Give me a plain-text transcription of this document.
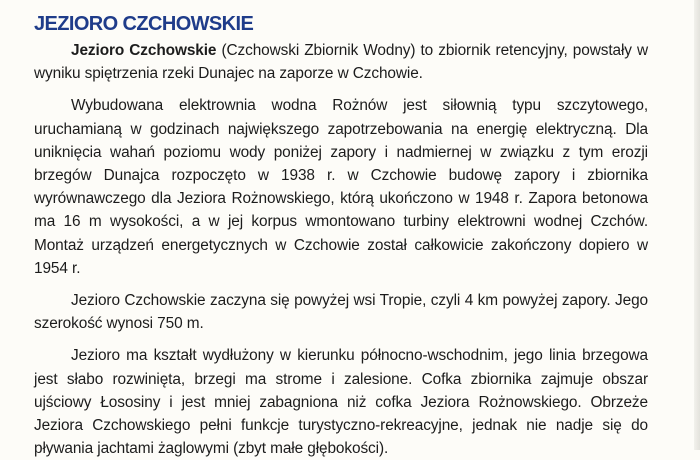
JEZIORO CZCHOWSKIE

Jezioro Czchowskie (Czchowski Zbiornik Wodny) to zbiornik retencyjny, powstały w wyniku spiętrzenia rzeki Dunajec na zaporze w Czchowie.

Wybudowana elektrownia wodna Rożnów jest siłownią typu szczytowego, uruchamianą w godzinach największego zapotrzebowania na energię elektryczną. Dla uniknięcia wahań poziomu wody poniżej zapory i nadmiernej w związku z tym erozji brzegów Dunajca rozpoczęto w 1938 r. w Czchowie budowę zapory i zbiornika wyrównawczego dla Jeziora Rożnowskiego, którą ukończono w 1948 r. Zapora betonowa ma 16 m wysokości, a w jej korpus wmontowano turbiny elektrowni wodnej Czchów. Montaż urządzeń energetycznych w Czchowie został całkowicie zakończony dopiero w 1954 r.

Jezioro Czchowskie zaczyna się powyżej wsi Tropie, czyli 4 km powyżej zapory. Jego szerokość wynosi 750 m.

Jezioro ma kształt wydłużony w kierunku północno-wschodnim, jego linia brzegowa jest słabo rozwinięta, brzegi ma strome i zalesione. Cofka zbiornika zajmuje obszar ujściowy Łososiny i jest mniej zabagniona niż cofka Jeziora Rożnowskiego. Obrzeże Jeziora Czchowskiego pełni funkcje turystyczno-rekreacyjne, jednak nie nadje się do pływania jachtami żaglowymi (zbyt małe głębokości).
